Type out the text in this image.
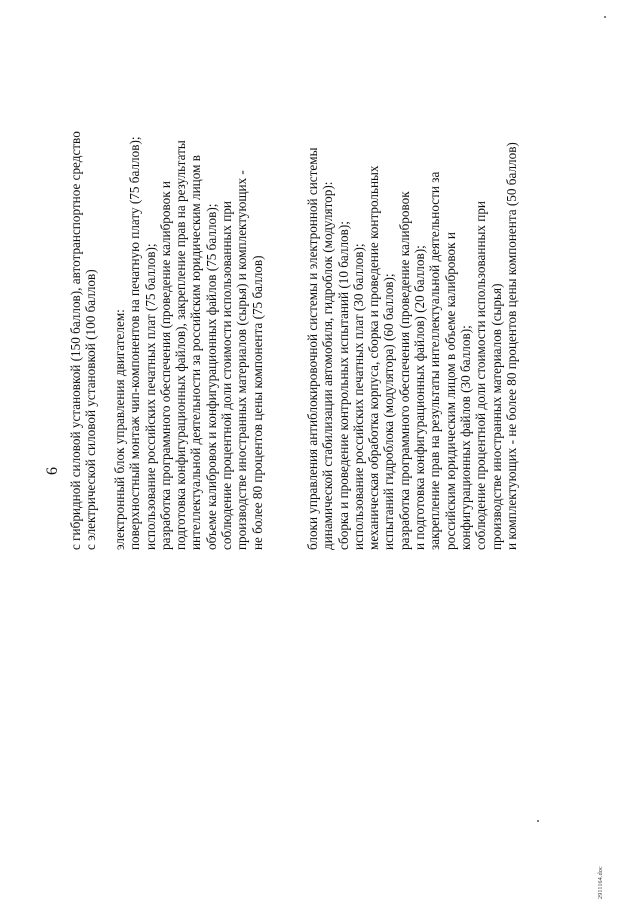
6 с гибридной силовой установкой (150 баллов), автотранспортное средство с электрической силовой установкой (100 баллов) электронный блок управления двигателем: поверхностный монтаж чип-компонентов на печатную плату (75 баллов); использование российских печатных плат (75 баллов); разработка программного обеспечения (проведение калибровок и подготовка конфигурационных файлов), закрепление прав на результаты интеллектуальной деятельности за российским юридическим лицом в объеме калибровок и конфигурационных файлов (75 баллов); соблюдение процентной доли стоимости использованных при производстве иностранных материалов (сырья) и комплектующих - не более 80 процентов цены компонента (75 баллов)	блоки управления антиблокировочной системы и электронной системы динамической стабилизации автомобиля, гидроблок (модулятор): сборка и проведение контрольных испытаний (10 баллов); использование российских печатных плат (30 баллов); механическая обработка корпуса, сборка и проведение контрольных испытаний гидроблока (модулятора) (60 баллов); разработка программного обеспечения (проведение калибровок и подготовка конфигурационных файлов) (20 баллов); закрепление прав на результаты интеллектуальной деятельности за российским юридическим лицом в объеме калибровок и конфигурационных файлов (30 баллов); соблюдение процентной доли стоимости использованных при производстве иностранных материалов (сырья) и комплектующих - не более 80 процентов цены компонента (50 баллов)
2911164.doc
